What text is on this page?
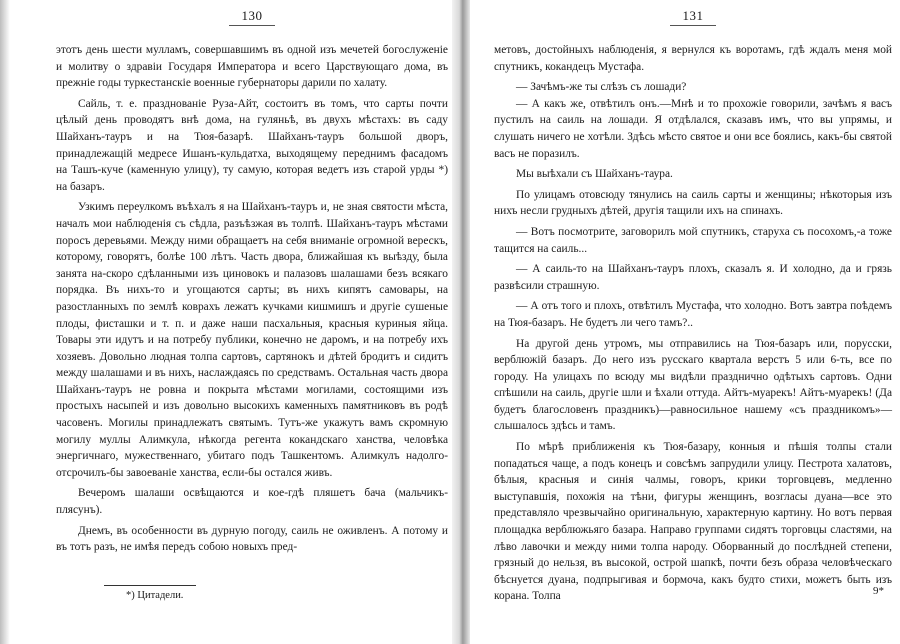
130

этотъ день шести мулламъ, совершавшимъ въ одной изъ мечетей богослуженіе и молитву о здравіи Государя Императора и всего Царствующаго дома, въ прежніе годы туркестанскіе военные губернаторы дарили по халату.

Сайль, т. е. празднованіе Руза-Айт, состоитъ въ томъ, что сарты почти цѣлый день проводятъ внѣ дома, на гуляньѣ, въ двухъ мѣстахъ: въ саду Шайханъ-тауръ и на Тюя-базарѣ. Шайханъ-тауръ большой дворъ, принадлежащій медресе Ишанъ-кульдатха, выходящему переднимъ фасадомъ на Ташъ-куче (каменную улицу), ту самую, которая ведетъ изъ старой урды *) на базаръ.

Узкимъ переулкомъ въѣхалъ я на Шайханъ-тауръ и, не зная святости мѣста, началъ мои наблюденія съ сѣдла, разъѣзжая въ толпѣ. Шайханъ-тауръ мѣстами поросъ деревьями. Между ними обращаетъ на себя вниманіе огромной верескъ, которому, говорятъ, болѣе 100 лѣтъ. Часть двора, ближайшая къ выѣзду, была занята на-скоро сдѣланными изъ циновокъ и палазовъ шалашами безъ всякаго порядка. Въ нихъ-то и угощаются сарты; въ нихъ кипятъ самовары, на разостланныхъ по землѣ коврахъ лежатъ кучками кишмишъ и другіе сушеные плоды, фисташки и т. п. и даже наши пасхальныя, красныя куриныя яйца. Товары эти идутъ и на потребу публики, конечно не даромъ, и на потребу ихъ хозяевъ. Довольно людная толпа сартовъ, сартянокъ и дѣтей бродитъ и сидитъ между шалашами и въ нихъ, наслаждаясь по средствамъ. Остальная часть двора Шайханъ-тауръ не ровна и покрыта мѣстами могилами, состоящими изъ простыхъ насыпей и изъ довольно высокихъ каменныхъ памятниковъ въ родѣ часовенъ. Могилы принадлежатъ святымъ. Тутъ-же укажутъ вамъ скромную могилу муллы Алимкула, нѣкогда регента кокандскаго ханства, человѣка энергичнаго, мужественнаго, убитаго подъ Ташкентомъ. Алимкулъ надолго-отсрочилъ-бы завоеваніе ханства, если-бы остался живъ.

Вечеромъ шалаши освѣщаются и кое-гдѣ пляшетъ бача (мальчикъ-плясунъ).

Днемъ, въ особенности въ дурную погоду, саиль не оживленъ. А потому и въ тотъ разъ, не имѣя передъ собою новыхъ пред-

*) Цитадели.
131

метовъ, достойныхъ наблюденія, я вернулся къ воротамъ, гдѣ ждалъ меня мой спутникъ, кокандецъ Мустафа.

— Зачѣмъ-же ты слѣзъ съ лошади?

— А какъ же, отвѣтилъ онъ.—Мнѣ и то прохожіе говорили, зачѣмъ я васъ пустилъ на саиль на лошади. Я отдѣлался, сказавъ имъ, что вы упрямы, и слушать ничего не хотѣли. Здѣсь мѣсто святое и они все боялись, какъ-бы святой васъ не поразилъ.

Мы выѣхали съ Шайханъ-таура.

По улицамъ отовсюду тянулись на саиль сарты и женщины; нѣкоторыя изъ нихъ несли грудныхъ дѣтей, другія тащили ихъ на спинахъ.

— Вотъ посмотрите, заговорилъ мой спутникъ, старуха съ посохомъ,-а тоже тащится на саиль...

— А саиль-то на Шайханъ-тауръ плохъ, сказалъ я. И холодно, да и грязь развѣсили страшную.

— А отъ того и плохъ, отвѣтилъ Мустафа, что холодно. Вотъ завтра поѣдемъ на Тюя-базаръ. Не будетъ ли чего тамъ?..

На другой день утромъ, мы отправились на Тюя-базаръ или, порусски, верблюжій базаръ. До него изъ русскаго квартала верстъ 5 или 6-ть, все по городу. На улицахъ по всюду мы видѣли празднично одѣтыхъ сартовъ. Одни спѣшили на саиль, другіе шли и ѣхали оттуда. Айтъ-муарекъ! Айтъ-муарекъ! (Да будетъ благословенъ праздникъ)—равносильное нашему «съ праздникомъ»—слышалось здѣсь и тамъ.

По мѣрѣ приближенія къ Тюя-базару, конныя и пѣшія толпы стали попадаться чаще, а подъ конецъ и совсѣмъ запрудили улицу. Пестрота халатовъ, бѣлыя, красныя и синія чалмы, говоръ, крики торговцевъ, медленно выступавшія, похожія на тѣни, фигуры женщинъ, возгласы дуана—все это представляло чрезвычайно оригинальную, характерную картину. Но вотъ первая площадка верблюжьяго базара. Направо группами сидятъ торговцы сластями, на лѣво лавочки и между ними толпа народу. Оборванный до послѣдней степени, грязный до нельзя, въ высокой, острой шапкѣ, почти безъ образа человѣческаго бѣснуется дуана, подпрыгивая и бормоча, какъ будто стихи, можетъ быть изъ корана. Толпа	9*
